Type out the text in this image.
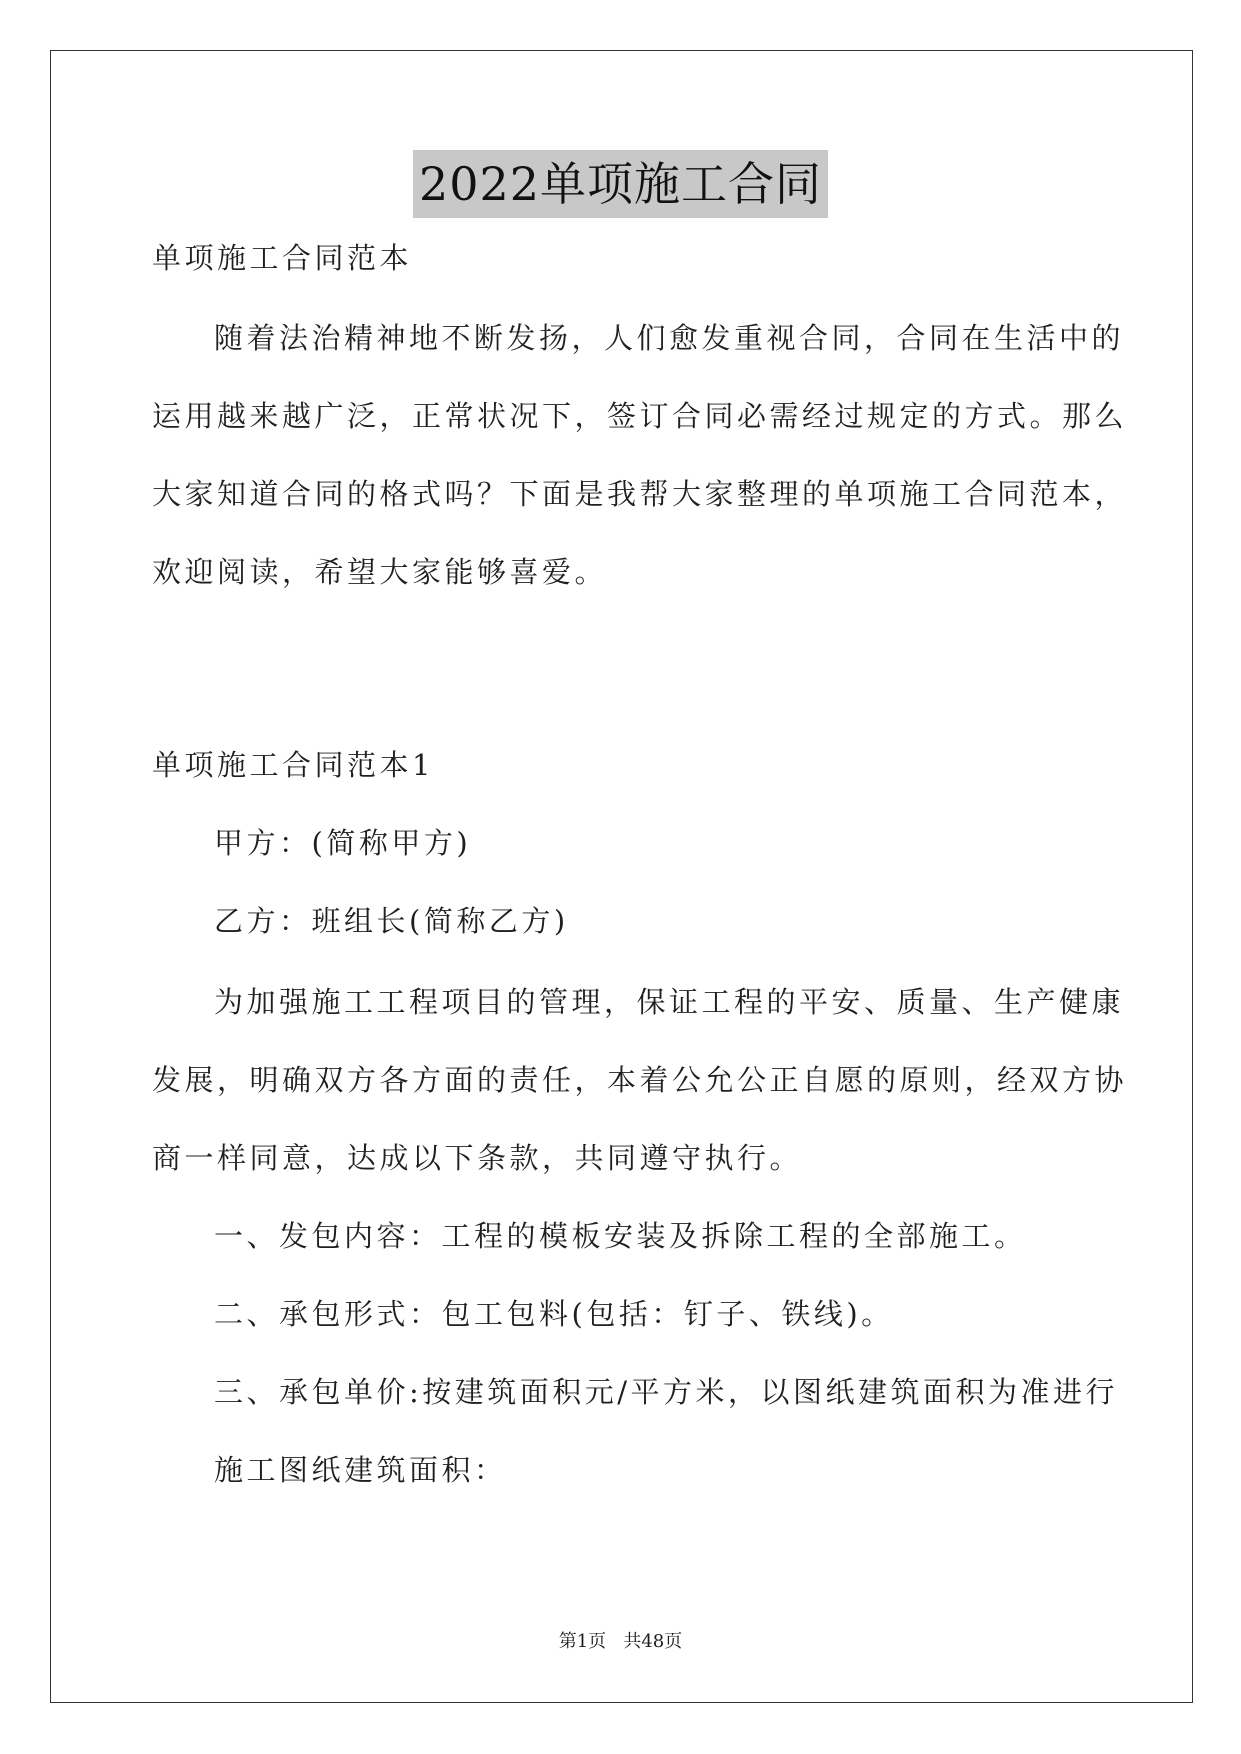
2022单项施工合同
单项施工合同范本
随着法治精神地不断发扬，人们愈发重视合同，合同在生活中的
运用越来越广泛，正常状况下，签订合同必需经过规定的方式。那么
大家知道合同的格式吗？下面是我帮大家整理的单项施工合同范本，
欢迎阅读，希望大家能够喜爱。
单项施工合同范本1
甲方：(简称甲方)
乙方：班组长(简称乙方)
为加强施工工程项目的管理，保证工程的平安、质量、生产健康
发展，明确双方各方面的责任，本着公允公正自愿的原则，经双方协
商一样同意，达成以下条款，共同遵守执行。
一、发包内容：工程的模板安装及拆除工程的全部施工。
二、承包形式：包工包料(包括：钉子、铁线)。
三、承包单价:按建筑面积元/平方米，以图纸建筑面积为准进行
施工图纸建筑面积：
第1页   共48页
